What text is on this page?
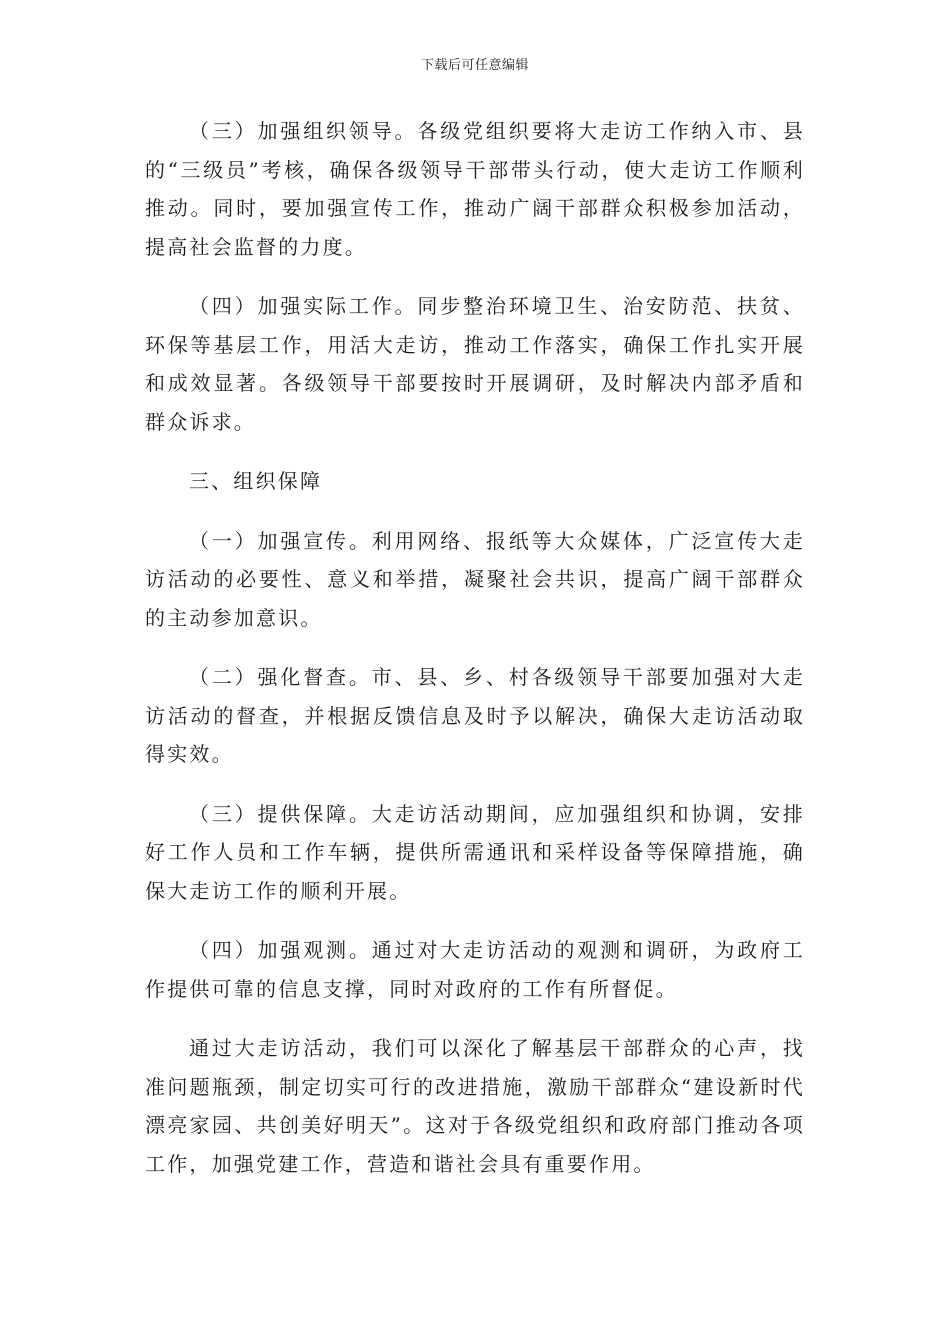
下载后可任意编辑

（三）加强组织领导。各级党组织要将大走访工作纳入市、县的“三级员”考核，确保各级领导干部带头行动，使大走访工作顺利推动。同时，要加强宣传工作，推动广阔干部群众积极参加活动，提高社会监督的力度。

（四）加强实际工作。同步整治环境卫生、治安防范、扶贫、环保等基层工作，用活大走访，推动工作落实，确保工作扎实开展和成效显著。各级领导干部要按时开展调研，及时解决内部矛盾和群众诉求。

三、组织保障

（一）加强宣传。利用网络、报纸等大众媒体，广泛宣传大走访活动的必要性、意义和举措，凝聚社会共识，提高广阔干部群众的主动参加意识。

（二）强化督查。市、县、乡、村各级领导干部要加强对大走访活动的督查，并根据反馈信息及时予以解决，确保大走访活动取得实效。

（三）提供保障。大走访活动期间，应加强组织和协调，安排好工作人员和工作车辆，提供所需通讯和采样设备等保障措施，确保大走访工作的顺利开展。

（四）加强观测。通过对大走访活动的观测和调研，为政府工作提供可靠的信息支撑，同时对政府的工作有所督促。

通过大走访活动，我们可以深化了解基层干部群众的心声，找准问题瓶颈，制定切实可行的改进措施，激励干部群众“建设新时代漂亮家园、共创美好明天”。这对于各级党组织和政府部门推动各项工作，加强党建工作，营造和谐社会具有重要作用。
